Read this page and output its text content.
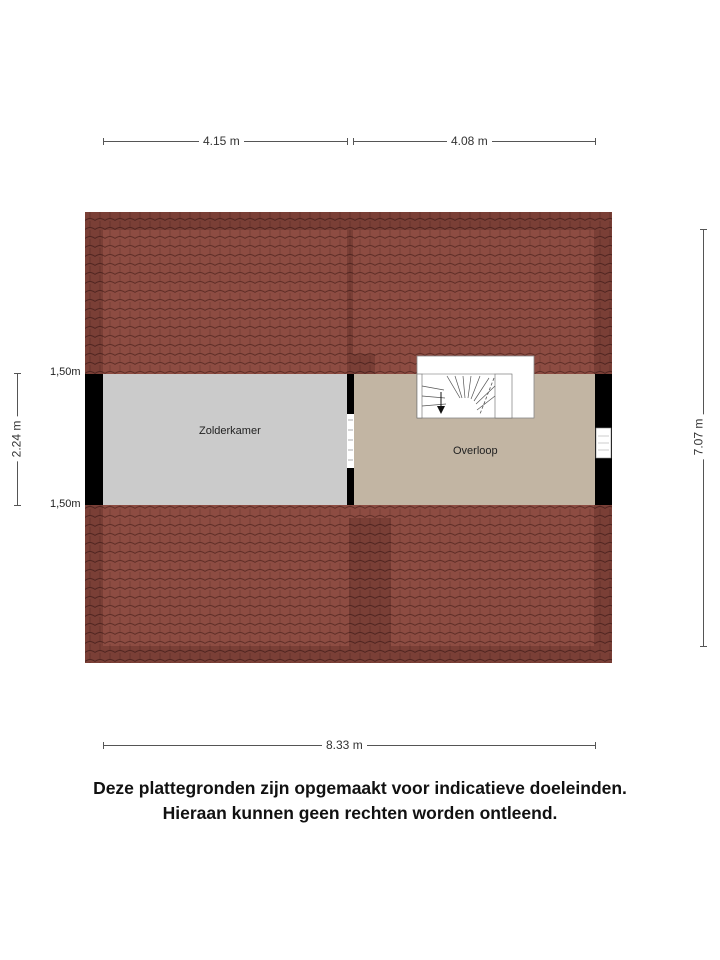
4.15 m	4.08 m
8.33 m
7.07 m
2.24 m
1,50m
1,50m
Zolderkamer
Overloop
Deze plattegronden zijn opgemaakt voor indicatieve doeleinden.
Hieraan kunnen geen rechten worden ontleend.
